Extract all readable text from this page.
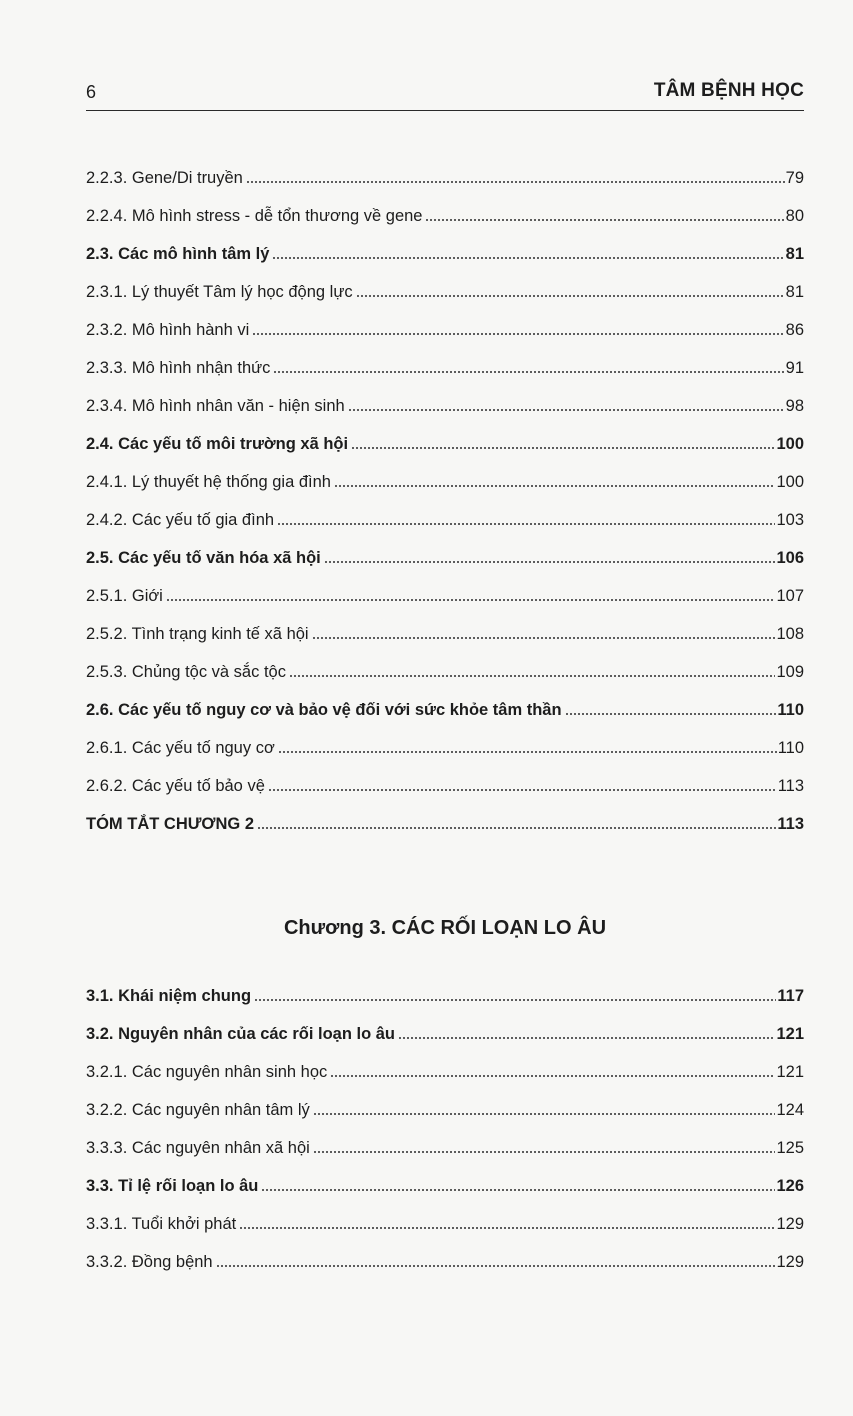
6	TÂM BỆNH HỌC
2.2.3. Gene/Di truyền	79
2.2.4. Mô hình stress - dễ tổn thương về gene	80
2.3. Các mô hình tâm lý	81
2.3.1. Lý thuyết Tâm lý học động lực	81
2.3.2. Mô hình hành vi	86
2.3.3. Mô hình nhận thức	91
2.3.4. Mô hình nhân văn - hiện sinh	98
2.4. Các yếu tố môi trường xã hội	100
2.4.1. Lý thuyết hệ thống gia đình	100
2.4.2. Các yếu tố gia đình	103
2.5. Các yếu tố văn hóa xã hội	106
2.5.1. Giới	107
2.5.2. Tình trạng kinh tế xã hội	108
2.5.3. Chủng tộc và sắc tộc	109
2.6. Các yếu tố nguy cơ và bảo vệ đối với sức khỏe tâm thần	110
2.6.1. Các yếu tố nguy cơ	110
2.6.2. Các yếu tố bảo vệ	113
TÓM TẮT CHƯƠNG 2	113
Chương 3. CÁC RỐI LOẠN LO ÂU
3.1. Khái niệm chung	117
3.2. Nguyên nhân của các rối loạn lo âu	121
3.2.1. Các nguyên nhân sinh học	121
3.2.2. Các nguyên nhân tâm lý	124
3.3.3. Các nguyên nhân xã hội	125
3.3. Tỉ lệ rối loạn lo âu	126
3.3.1. Tuổi khởi phát	129
3.3.2. Đồng bệnh	129
